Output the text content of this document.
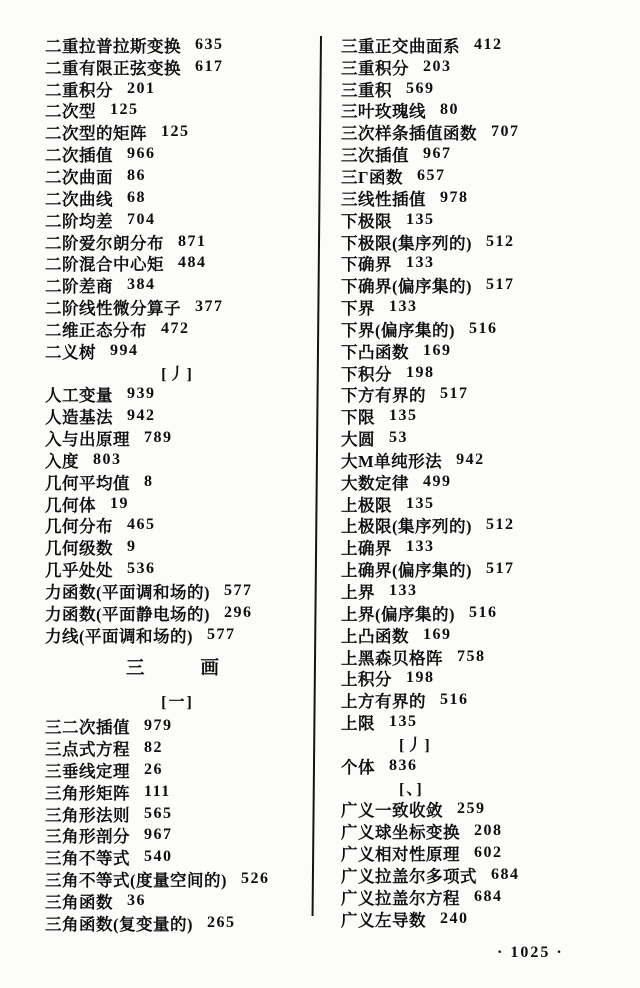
二重拉普拉斯变换 635
二重有限正弦变换 617
二重积分 201
二次型 125
二次型的矩阵 125
二次插值 966
二次曲面 86
二次曲线 68
二阶均差 704
二阶爱尔朗分布 871
二阶混合中心矩 484
二阶差商 384
二阶线性微分算子 377
二维正态分布 472
二义树 994
[丿]
人工变量 939
人造基法 942
入与出原理 789
入度 803
几何平均值 8
几何体 19
几何分布 465
几何级数 9
几乎处处 536
力函数(平面调和场的) 577
力函数(平面静电场的) 296
力线(平面调和场的) 577
三	画
[一]
三二次插值 979
三点式方程 82
三垂线定理 26
三角形矩阵 111
三角形法则 565
三角形剖分 967
三角不等式 540
三角不等式(度量空间的) 526
三角函数 36
三角函数(复变量的) 265
三重正交曲面系 412
三重积分 203
三重积 569
三叶玫瑰线 80
三次样条插值函数 707
三次插值 967
三Γ函数 657
三线性插值 978
下极限 135
下极限(集序列的) 512
下确界 133
下确界(偏序集的) 517
下界 133
下界(偏序集的) 516
下凸函数 169
下积分 198
下方有界的 517
下限 135
大圆 53
大M单纯形法 942
大数定律 499
上极限 135
上极限(集序列的) 512
上确界 133
上确界(偏序集的) 517
上界 133
上界(偏序集的) 516
上凸函数 169
上黑森贝格阵 758
上积分 198
上方有界的 516
上限 135
[丿]
个体 836
[、]
广义一致收敛 259
广义球坐标变换 208
广义相对性原理 602
广义拉盖尔多项式 684
广义拉盖尔方程 684
广义左导数 240
· 1025 ·
